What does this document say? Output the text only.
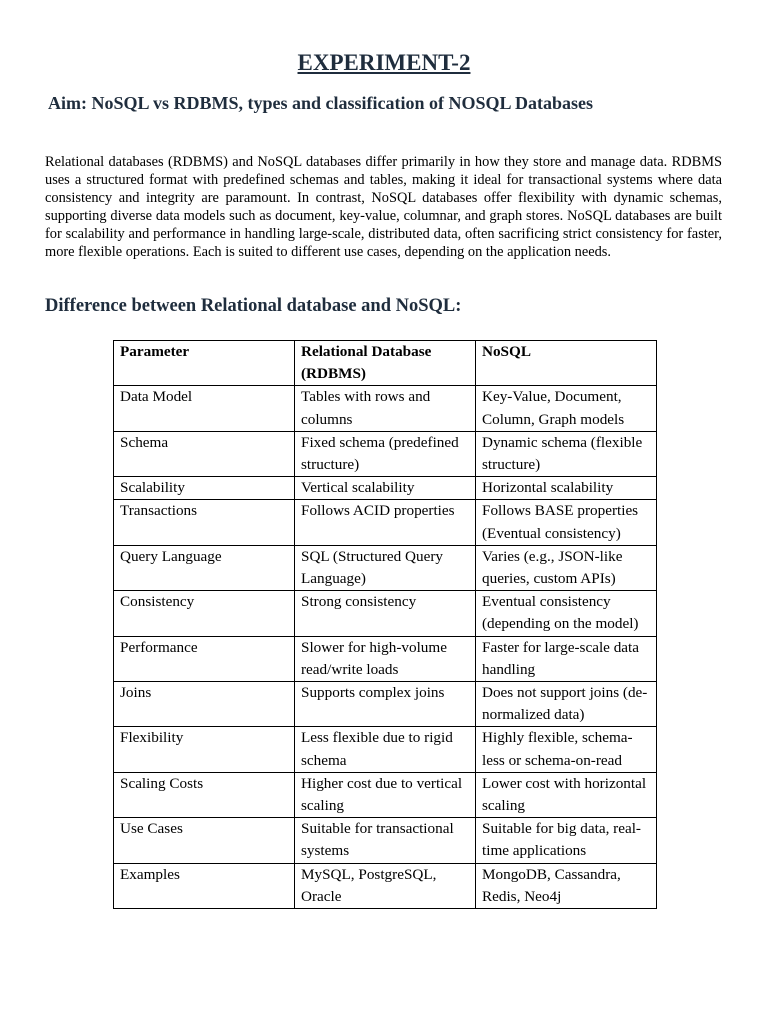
EXPERIMENT-2
Aim: NoSQL vs RDBMS, types and classification of NOSQL Databases

Relational databases (RDBMS) and NoSQL databases differ primarily in how they store and manage data. RDBMS uses a structured format with predefined schemas and tables, making it ideal for transactional systems where data consistency and integrity are paramount. In contrast, NoSQL databases offer flexibility with dynamic schemas, supporting diverse data models such as document, key-value, columnar, and graph stores. NoSQL databases are built for scalability and performance in handling large-scale, distributed data, often sacrificing strict consistency for faster, more flexible operations. Each is suited to different use cases, depending on the application needs.

Difference between Relational database and NoSQL:
Parameter	Relational Database (RDBMS)	NoSQL
Data Model	Tables with rows and columns	Key-Value, Document, Column, Graph models
Schema	Fixed schema (predefined structure)	Dynamic schema (flexible structure)
Scalability	Vertical scalability	Horizontal scalability
Transactions	Follows ACID properties	Follows BASE properties (Eventual consistency)
Query Language	SQL (Structured Query Language)	Varies (e.g., JSON-like queries, custom APIs)
Consistency	Strong consistency	Eventual consistency (depending on the model)
Performance	Slower for high-volume read/write loads	Faster for large-scale data handling
Joins	Supports complex joins	Does not support joins (de-normalized data)
Flexibility	Less flexible due to rigid schema	Highly flexible, schema-less or schema-on-read
Scaling Costs	Higher cost due to vertical scaling	Lower cost with horizontal scaling
Use Cases	Suitable for transactional systems	Suitable for big data, real-time applications
Examples	MySQL, PostgreSQL, Oracle	MongoDB, Cassandra, Redis, Neo4j
